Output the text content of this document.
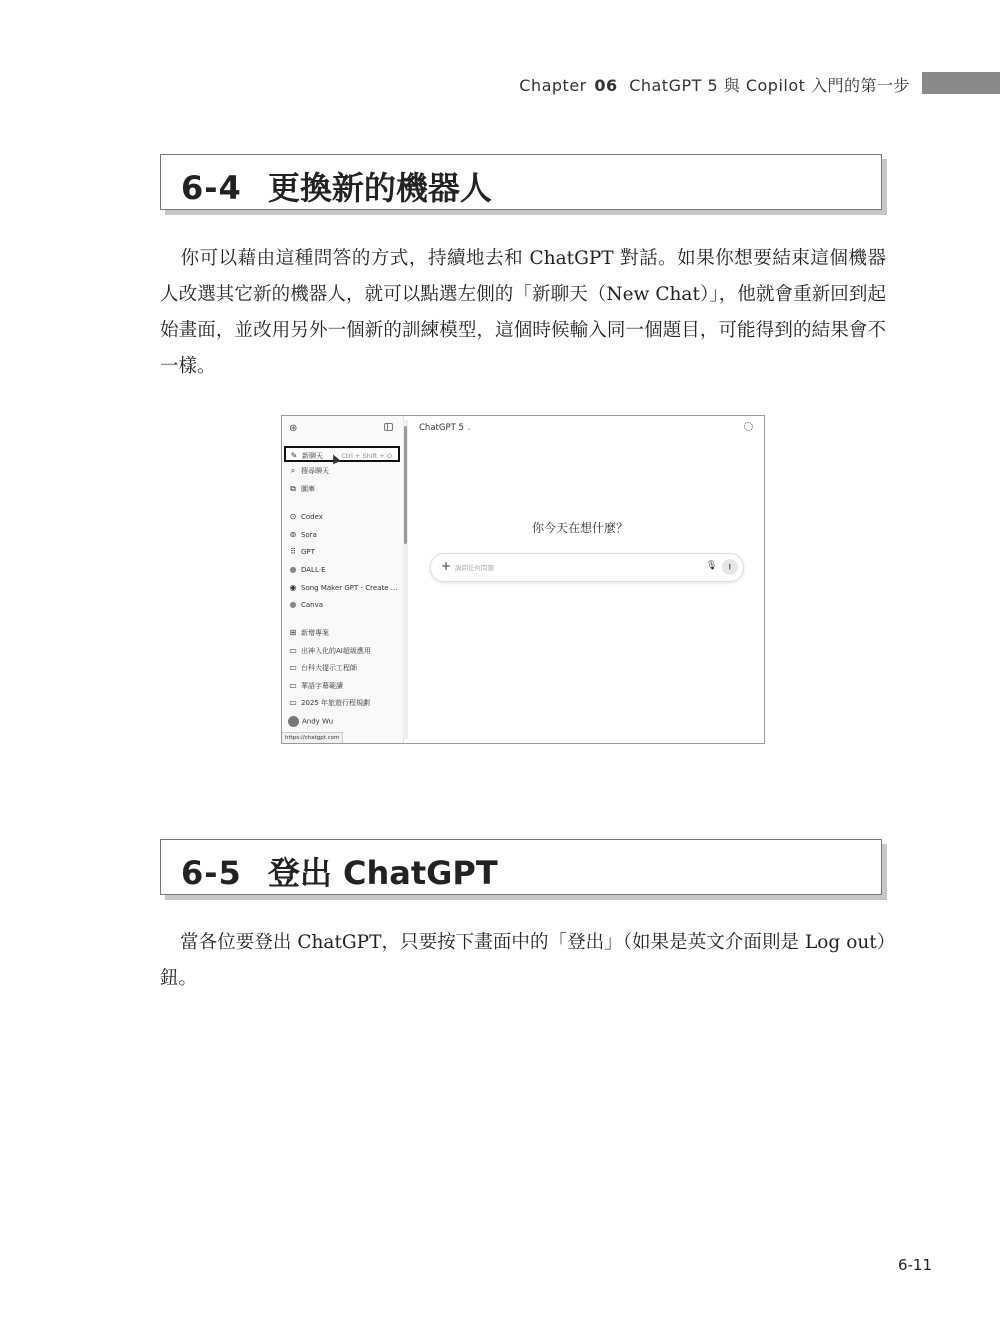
Chapter 06 ChatGPT 5 與 Copilot 入門的第一步
6-4 更換新的機器人
你可以藉由這種問答的方式，持續地去和 ChatGPT 對話。如果你想要結束這個機器人改選其它新的機器人，就可以點選左側的「新聊天（New Chat）」，他就會重新回到起始畫面，並改用另外一個新的訓練模型，這個時候輸入同一個題目，可能得到的結果會不一樣。
⊛
✎ 新聊天	Ctrl + Shift + O
⌕ 搜尋聊天
⧉ 圖庫
⊙ Codex
⊚ Sora
⠿ GPT
● DALL·E
◉ Song Maker GPT - Create ...
● Canva
⊞ 新增專案
▭ 出神入化的AI超級應用
▭ 台科大提示工程師
▭ 華語字幕範讀
▭ 2025 年旅遊行程規劃
Andy Wu
https://chatgpt.com
ChatGPT 5 ⌄
你今天在想什麼？
+ 詢問任何問題	🎙	𝄃
6-5 登出 ChatGPT
當各位要登出 ChatGPT，只要按下畫面中的「登出」（如果是英文介面則是 Log out）鈕。
6-11
